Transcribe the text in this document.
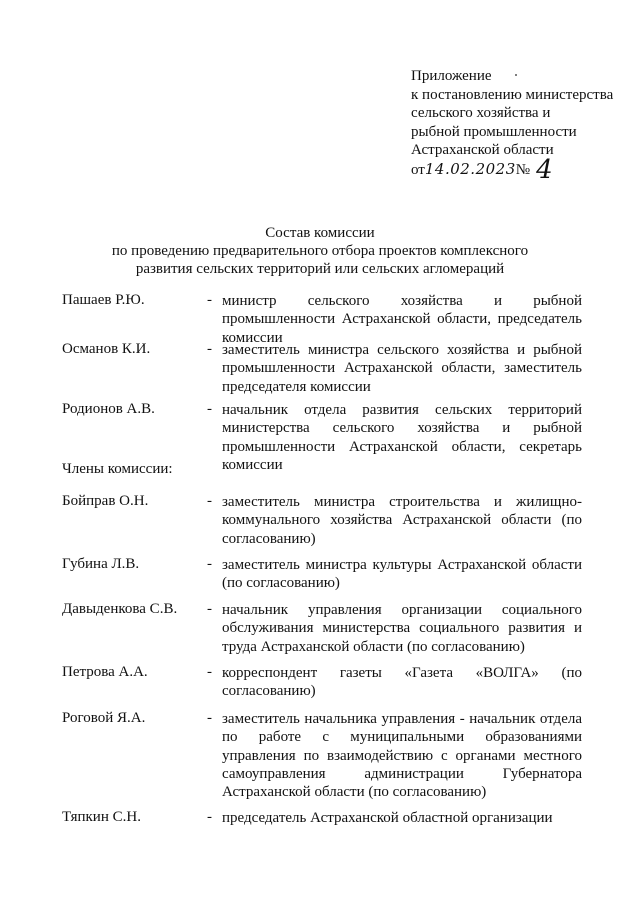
Приложение
к постановлению министерства
сельского хозяйства и
рыбной промышленности
Астраханской области
от14.02.2023№ 4
Состав комиссии
по проведению предварительного отбора проектов комплексного
развития сельских территорий или сельских агломераций
Пашаев Р.Ю.	- министр сельского хозяйства и рыбной промышленности Астраханской области, председатель комиссии
Османов К.И.	- заместитель министра сельского хозяйства и рыбной промышленности Астраханской области, заместитель председателя комиссии
Родионов А.В.	- начальник отдела развития сельских территорий министерства сельского хозяйства и рыбной промышленности Астраханской области, секретарь комиссии
Члены комиссии:
Бойправ О.Н.	- заместитель министра строительства и жилищно-коммунального хозяйства Астраханской области (по согласованию)
Губина Л.В.	- заместитель министра культуры Астраханской области (по согласованию)
Давыденкова С.В. - начальник управления организации социального обслуживания министерства социального развития и труда Астраханской области (по согласованию)
Петрова А.А.	- корреспондент газеты «Газета «ВОЛГА» (по согласованию)
Роговой Я.А.	- заместитель начальника управления - начальник отдела по работе с муниципальными образованиями управления по взаимодействию с органами местного самоуправления администрации Губернатора Астраханской области (по согласованию)
Тяпкин С.Н.	- председатель Астраханской областной организации
